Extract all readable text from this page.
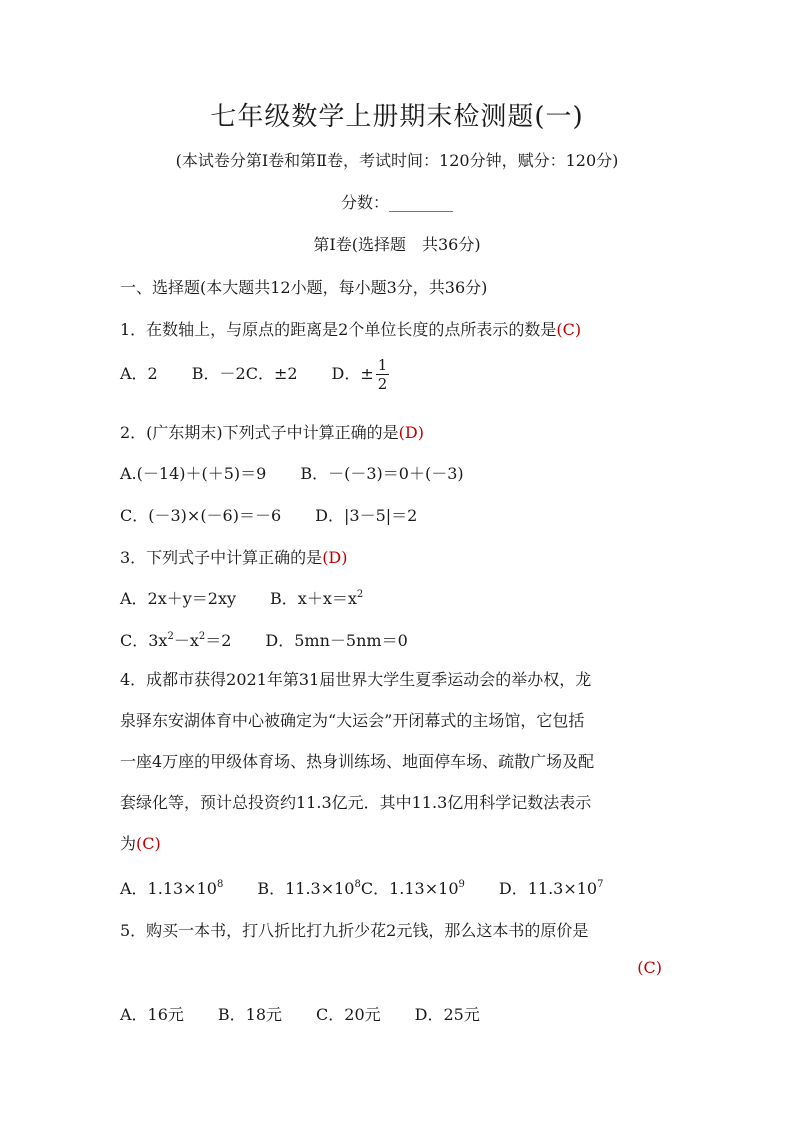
七年级数学上册期末检测题(一)
(本试卷分第Ⅰ卷和第Ⅱ卷，考试时间：120分钟，赋分：120分)
分数：________
第Ⅰ卷(选择题　共36分)
一、选择题(本大题共12小题，每小题3分，共36分)
1．在数轴上，与原点的距离是2个单位长度的点所表示的数是(C)
A．2 B．－2C．±2 D．± $\frac{1}{2}$
2．(广东期末)下列式子中计算正确的是(D)
A.(－14)＋(＋5)＝9 B．－(－3)＝0＋(－3)
C．(－3)×(－6)＝－6 D．|3－5|＝2
3．下列式子中计算正确的是(D)
A．2x＋y＝2xy B．$x+x=x^2$
C．$3x^2-x^2=2$ D．5mn－5nm＝0
4．成都市获得2021年第31届世界大学生夏季运动会的举办权，龙
泉驿东安湖体育中心被确定为“大运会”开闭幕式的主场馆，它包括
一座4万座的甲级体育场、热身训练场、地面停车场、疏散广场及配
套绿化等，预计总投资约11.3亿元．其中11.3亿用科学记数法表示
为(C)
A．$1.13\times 10^8$ B．$11.3\times 10^8C$．$1.13\times 10^9$ D．$11.3\times 10^7$
5．购买一本书，打八折比打九折少花2元钱，那么这本书的原价是
(C)
A．16元 B．18元 C．20元 D．25元
